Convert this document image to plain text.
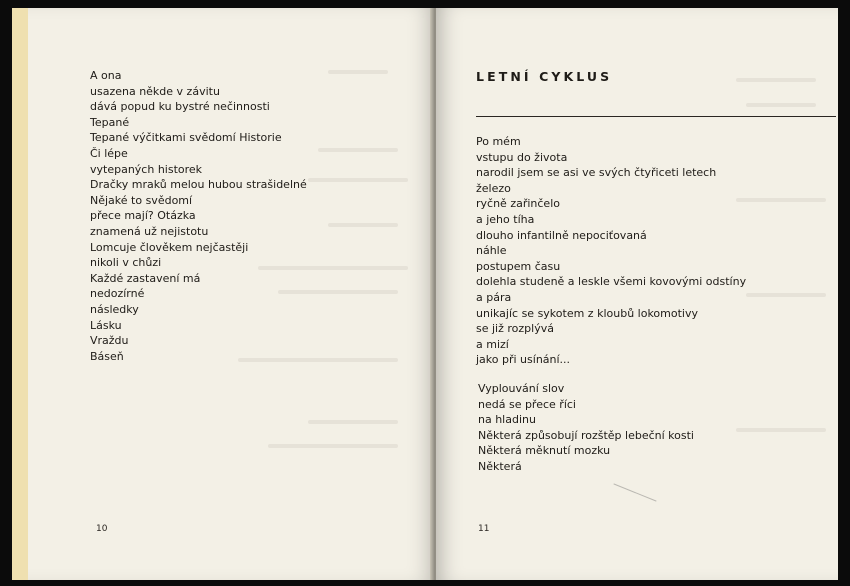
A ona
usazena někde v závitu
dává popud ku bystré nečinnosti
Tepané
Tepané výčitkami svědomí Historie
Či lépe
vytepaných historek
Dračky mraků melou hubou strašidelné
Nějaké to svědomí
přece mají? Otázka
znamená už nejistotu
Lomcuje člověkem nejčastěji
nikoli v chůzi
Každé zastavení má
nedozírné
následky
Lásku
Vraždu
Báseň
10
LETNÍ CYKLUS
Po mém
vstupu do života
narodil jsem se asi ve svých čtyřiceti letech
železo
ryčně zařinčelo
a jeho tíha
dlouho infantilně nepociťovaná
náhle
postupem času
dolehla studeně a leskle všemi kovovými odstíny
a pára
unikajíc se sykotem z kloubů lokomotivy
se již rozplývá
a mizí
jako při usínání...
Vyplouvání slov
nedá se přece říci
na hladinu
Některá způsobují rozštěp lebeční kosti
Některá měknutí mozku
Některá
11
